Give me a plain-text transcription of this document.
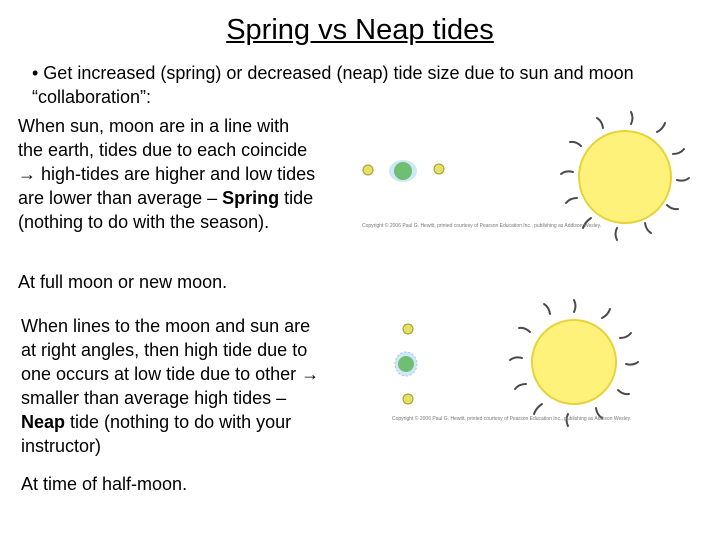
Spring vs Neap tides
• Get increased (spring) or decreased (neap) tide size due to sun and moon “collaboration”:
When sun, moon are in a line with the earth, tides due to each coincide → high-tides are higher and low tides are lower than average – Spring tide (nothing to do with the season).
At full moon or new moon.
When lines to the moon and sun are at right angles, then high tide due to one occurs at low tide due to other → smaller than average high tides – Neap tide (nothing to do with your instructor)
At time of half-moon.
Copyright © 2006 Paul G. Hewitt, printed courtesy of Pearson Education Inc., publishing as Addison Wesley.
Copyright © 2006 Paul G. Hewitt, printed courtesy of Pearson Education Inc., publishing as Addison Wesley.
